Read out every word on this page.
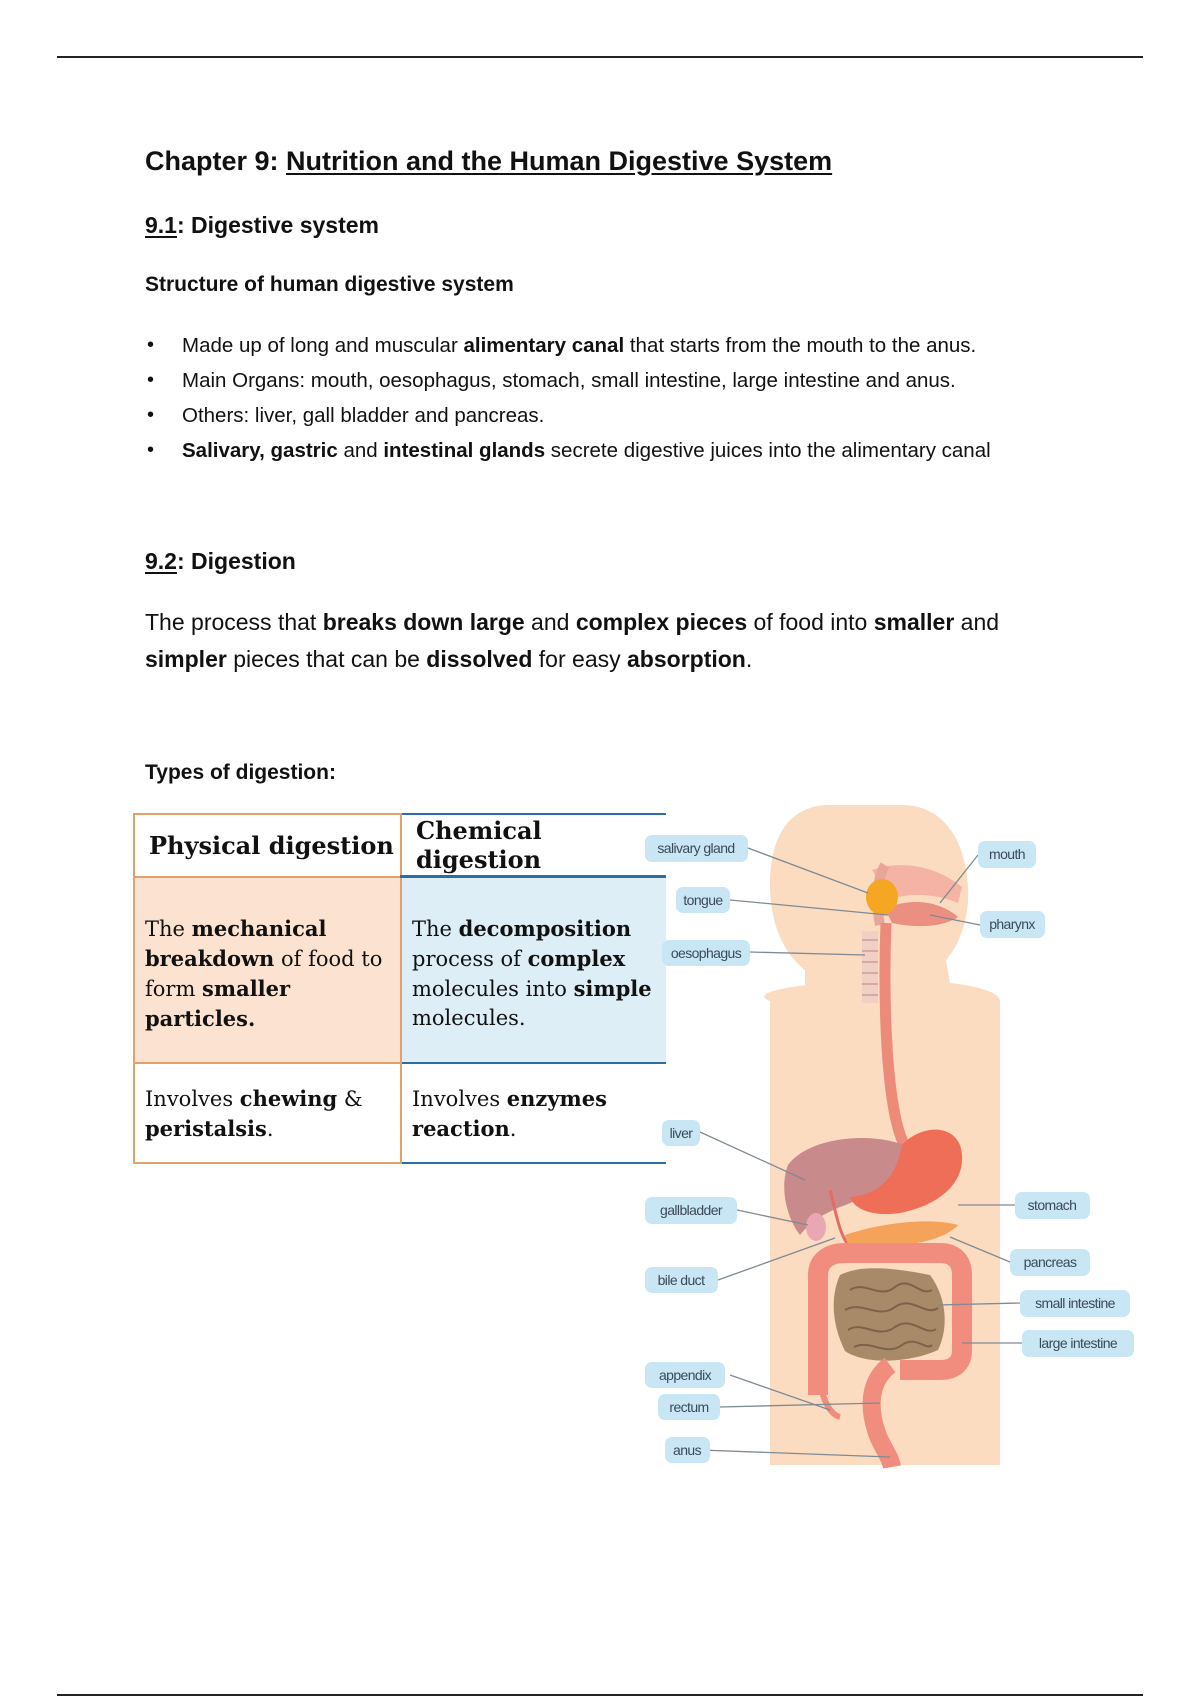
Chapter 9: Nutrition and the Human Digestive System
9.1: Digestive system
Structure of human digestive system
• Made up of long and muscular alimentary canal that starts from the mouth to the anus.
• Main Organs: mouth, oesophagus, stomach, small intestine, large intestine and anus.
• Others: liver, gall bladder and pancreas.
• Salivary, gastric and intestinal glands secrete digestive juices into the alimentary canal
9.2: Digestion
The process that breaks down large and complex pieces of food into smaller and simpler pieces that can be dissolved for easy absorption.
Types of digestion:
Physical digestion	Chemical digestion
The mechanical breakdown of food to form smaller particles.	The decomposition process of complex molecules into simple molecules.
Involves chewing & peristalsis.	Involves enzymes reaction.
salivary gland
tongue
oesophagus
liver
gallbladder
bile duct
appendix
rectum
anus
mouth
pharynx
stomach
pancreas
small intestine
large intestine
